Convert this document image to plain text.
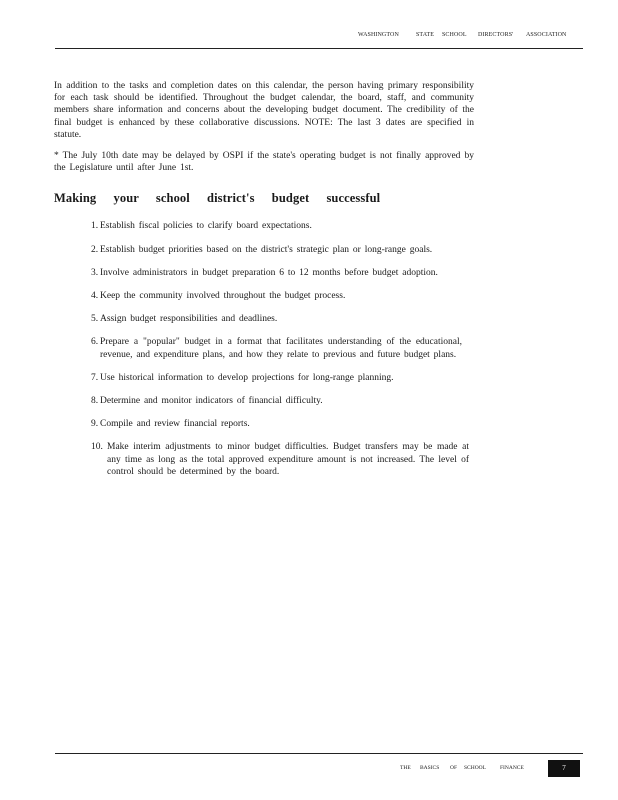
WASHINGTON	STATE SCHOOL DIRECTORS' ASSOCIATION

In addition to the tasks and completion dates on this calendar, the person having primary responsibility for each task should be identified. Throughout the budget calendar, the board, staff, and community members share information and concerns about the developing budget document. The credibility of the final budget is enhanced by these collaborative discussions. NOTE: The last 3 dates are specified in statute.

* The July 10th date may be delayed by OSPI if the state's operating budget is not finally approved by the Legislature until after June 1st.

Making your school district's budget successful
1. Establish fiscal policies to clarify board expectations.
2. Establish budget priorities based on the district's strategic plan or long-range goals.
3. Involve administrators in budget preparation 6 to 12 months before budget adoption.
4. Keep the community involved throughout the budget process.
5. Assign budget responsibilities and deadlines.
6. Prepare a "popular" budget in a format that facilitates understanding of the educational, revenue, and expenditure plans, and how they relate to previous and future budget plans.
7. Use historical information to develop projections for long-range planning.
8. Determine and monitor indicators of financial difficulty.
9. Compile and review financial reports.
10. Make interim adjustments to minor budget difficulties. Budget transfers may be made at any time as long as the total approved expenditure amount is not increased. The level of control should be determined by the board.
THE BASICS OF SCHOOL	FINANCE	7
